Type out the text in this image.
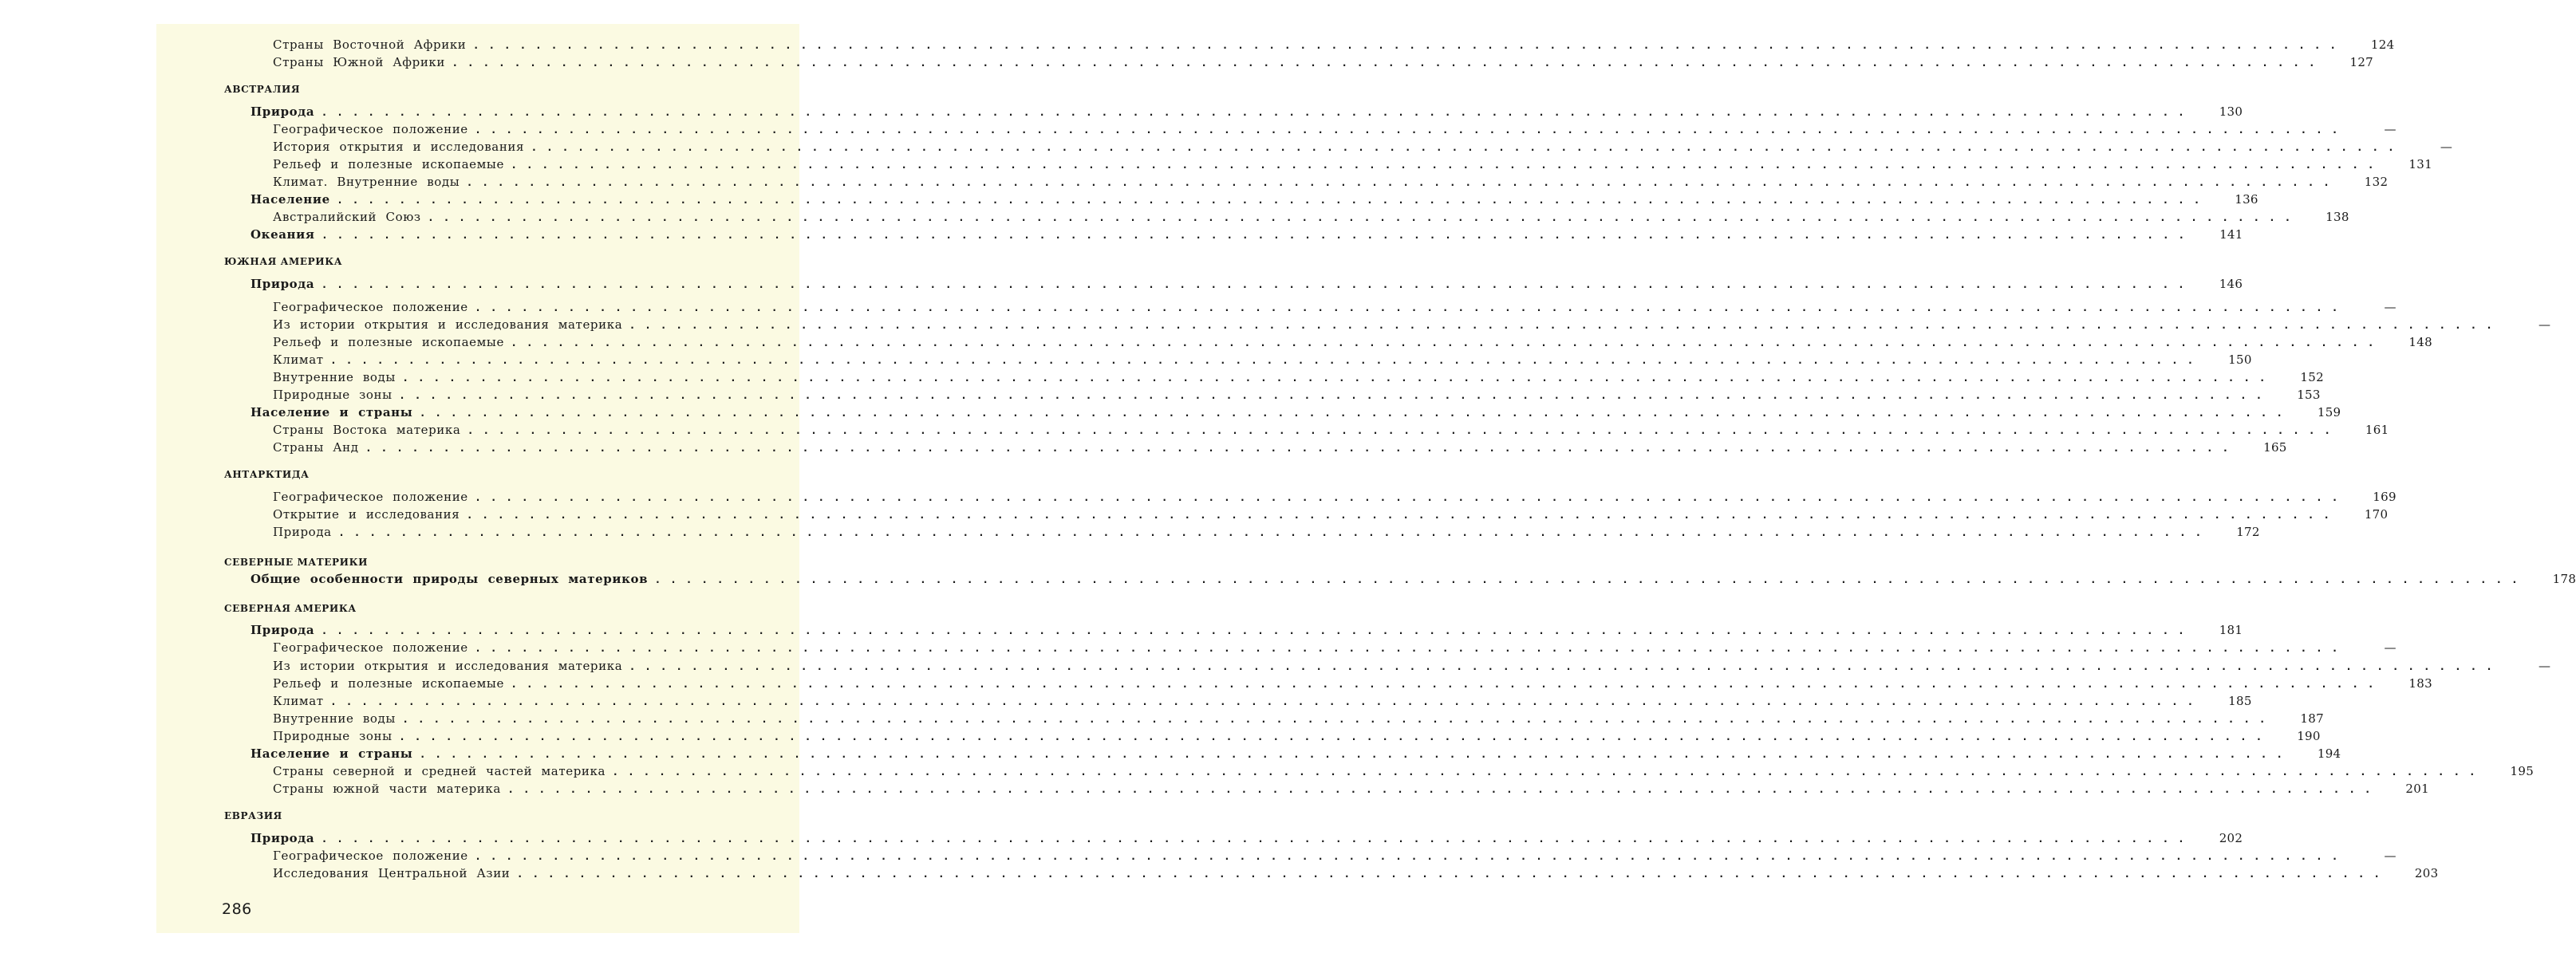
Страны Восточной Африки ........................................................................................................................	124
Страны Южной Африки ........................................................................................................................	127
АВСТРАЛИЯ
Природа ........................................................................................................................	130
Географическое положение ........................................................................................................................	—
История открытия и исследования ........................................................................................................................	—
Рельеф и полезные ископаемые ........................................................................................................................	131
Климат. Внутренние воды ........................................................................................................................	132
Население ........................................................................................................................	136
Австралийский Союз ........................................................................................................................	138
Океания ........................................................................................................................	141
ЮЖНАЯ АМЕРИКА
Природа ........................................................................................................................	146
Географическое положение ........................................................................................................................	—
Из истории открытия и исследования материка ........................................................................................................................	—
Рельеф и полезные ископаемые ........................................................................................................................	148
Климат ........................................................................................................................	150
Внутренние воды ........................................................................................................................	152
Природные зоны ........................................................................................................................	153
Население и страны ........................................................................................................................	159
Страны Востока материка ........................................................................................................................	161
Страны Анд ........................................................................................................................	165
АНТАРКТИДА
Географическое положение ........................................................................................................................	169
Открытие и исследования ........................................................................................................................	170
Природа ........................................................................................................................	172
СЕВЕРНЫЕ МАТЕРИКИ
Общие особенности природы северных материков ........................................................................................................................	178
СЕВЕРНАЯ АМЕРИКА
Природа ........................................................................................................................	181
Географическое положение ........................................................................................................................	—
Из истории открытия и исследования материка ........................................................................................................................	—
Рельеф и полезные ископаемые ........................................................................................................................	183
Климат ........................................................................................................................	185
Внутренние воды ........................................................................................................................	187
Природные зоны ........................................................................................................................	190
Население и страны ........................................................................................................................	194
Страны северной и средней частей материка ........................................................................................................................	195
Страны южной части материка ........................................................................................................................	201
ЕВРАЗИЯ
Природа ........................................................................................................................	202
Географическое положение ........................................................................................................................	—
Исследования Центральной Азии ........................................................................................................................	203
286
